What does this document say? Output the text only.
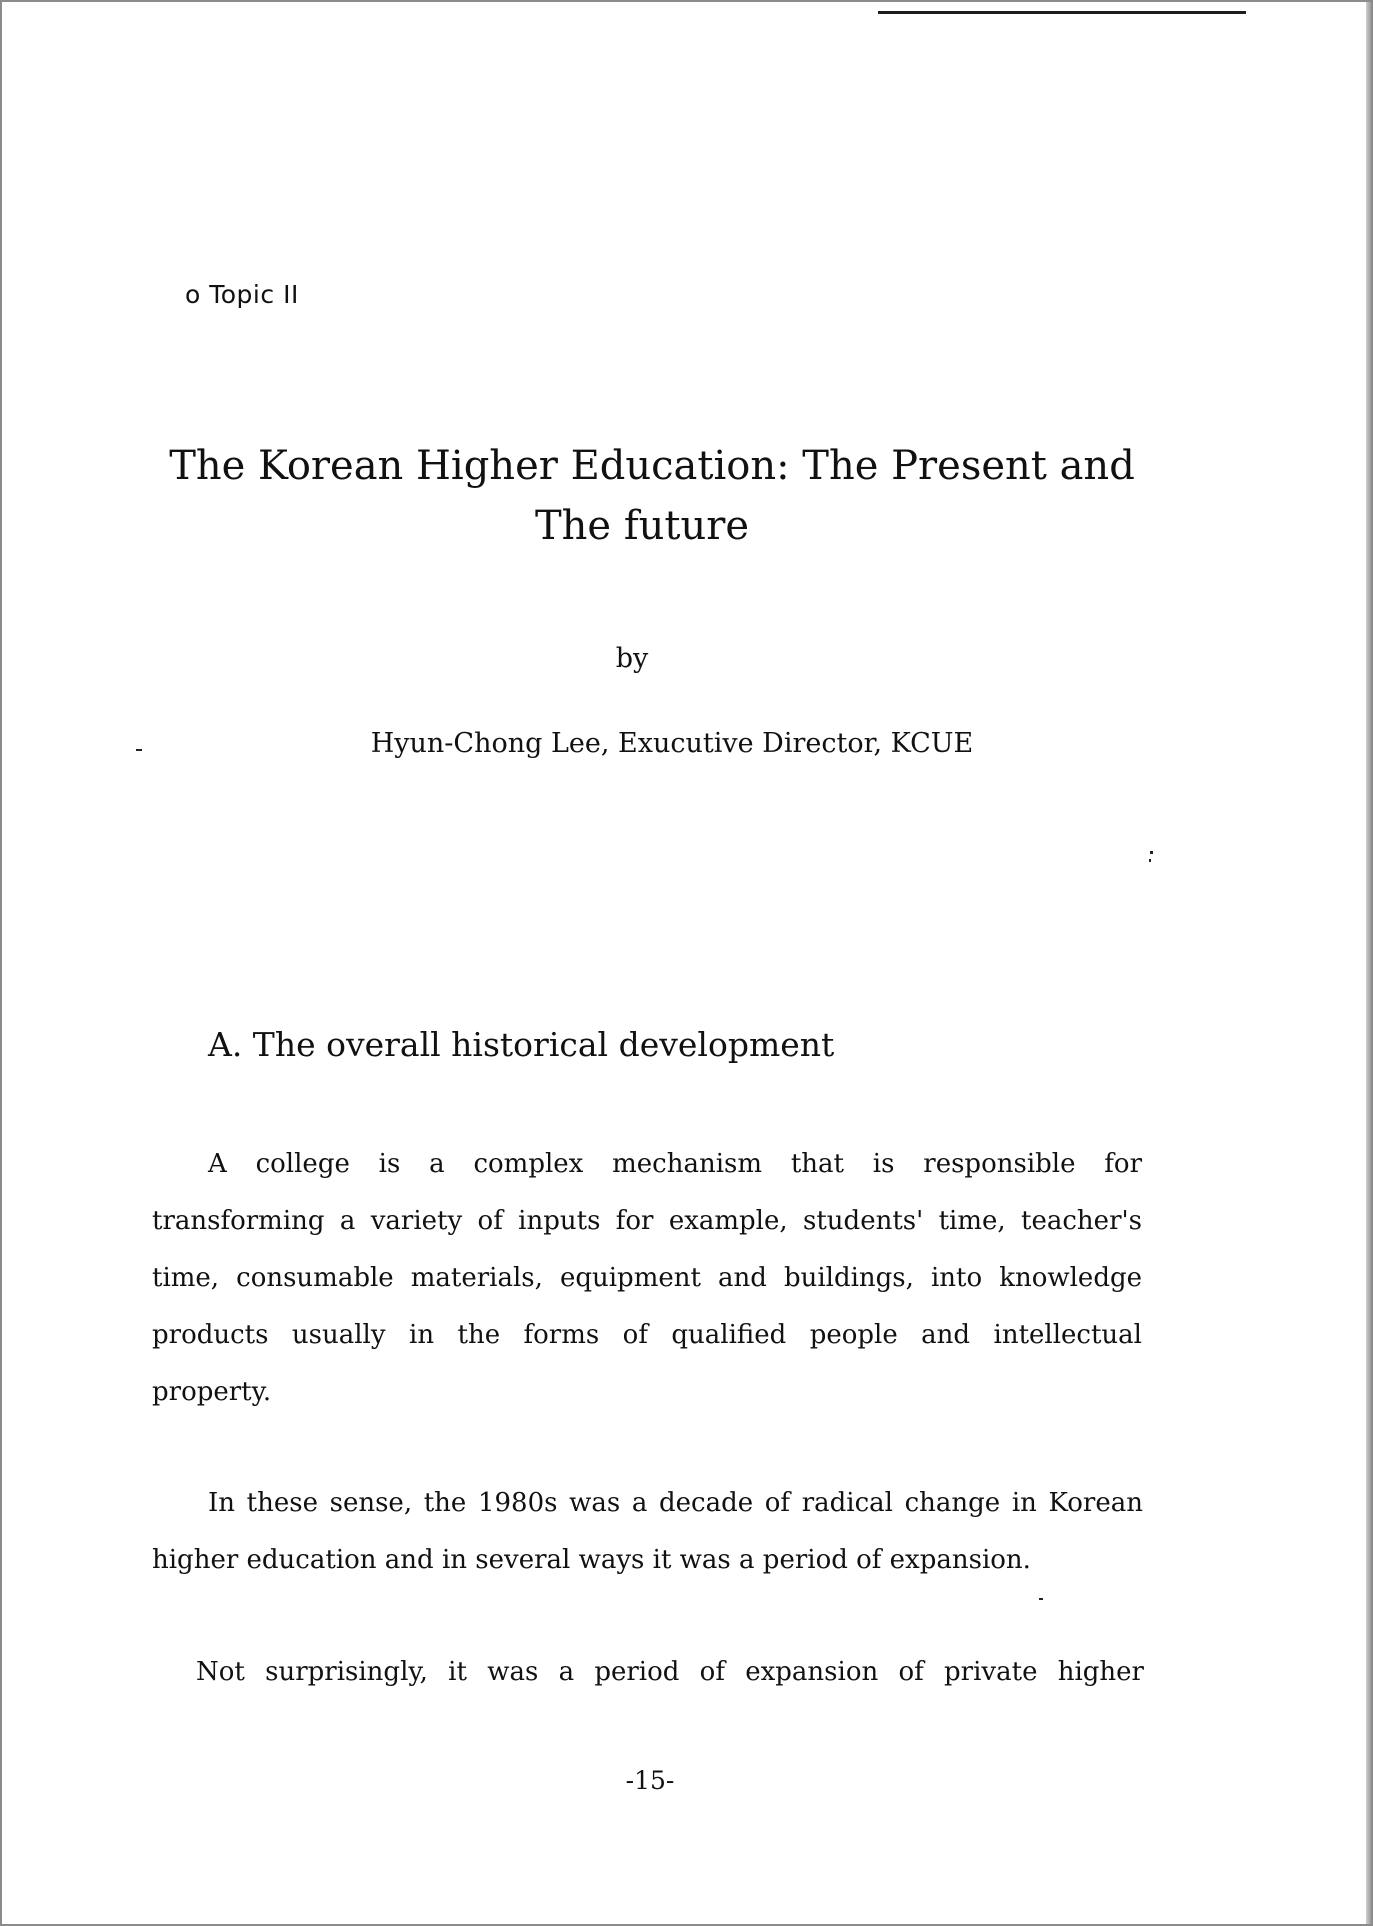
o Topic II
The Korean Higher Education: The Present and
The future
by
Hyun-Chong Lee, Exucutive Director, KCUE
A. The overall historical development
A college is a complex mechanism that is responsible for
transforming a variety of inputs for example, students' time, teacher's
time, consumable materials, equipment and buildings, into knowledge
products usually in the forms of qualified people and intellectual
property.
In these sense, the 1980s was a decade of radical change in Korean
higher education and in several ways it was a period of expansion.
Not surprisingly, it was a period of expansion of private higher
-15-
